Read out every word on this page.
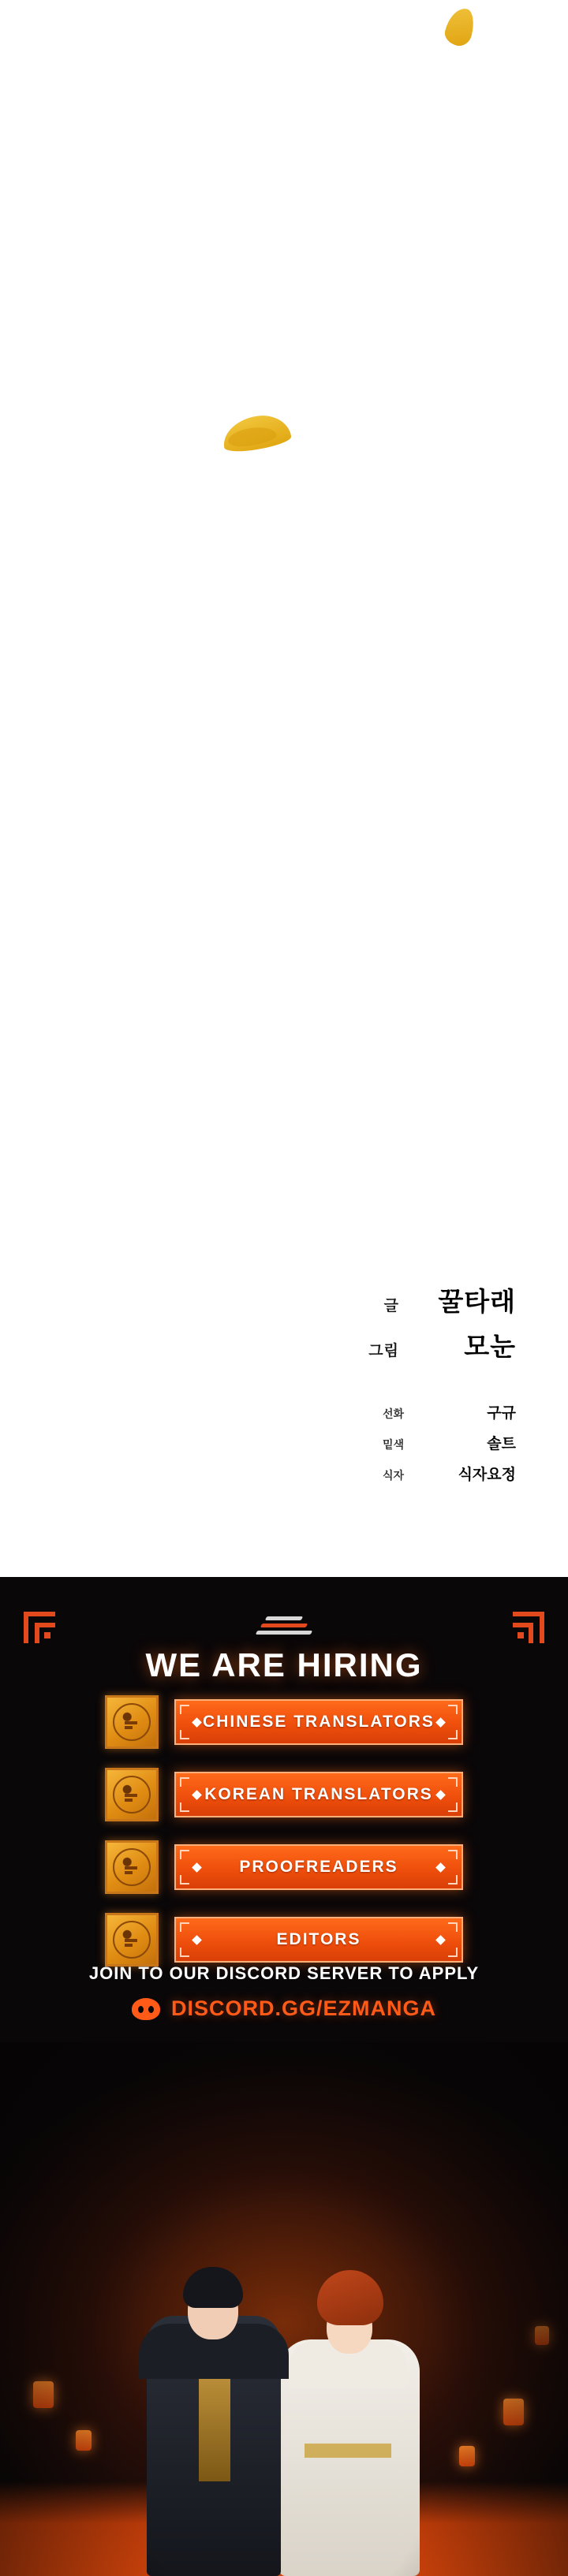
글	꿀타래
그림	모눈
선화	구규
밑색	솔트
식자	식자요정
WE ARE HIRING
CHINESE TRANSLATORS
KOREAN TRANSLATORS
PROOFREADERS
EDITORS
JOIN TO OUR DISCORD SERVER TO APPLY
DISCORD.GG/EZMANGA
